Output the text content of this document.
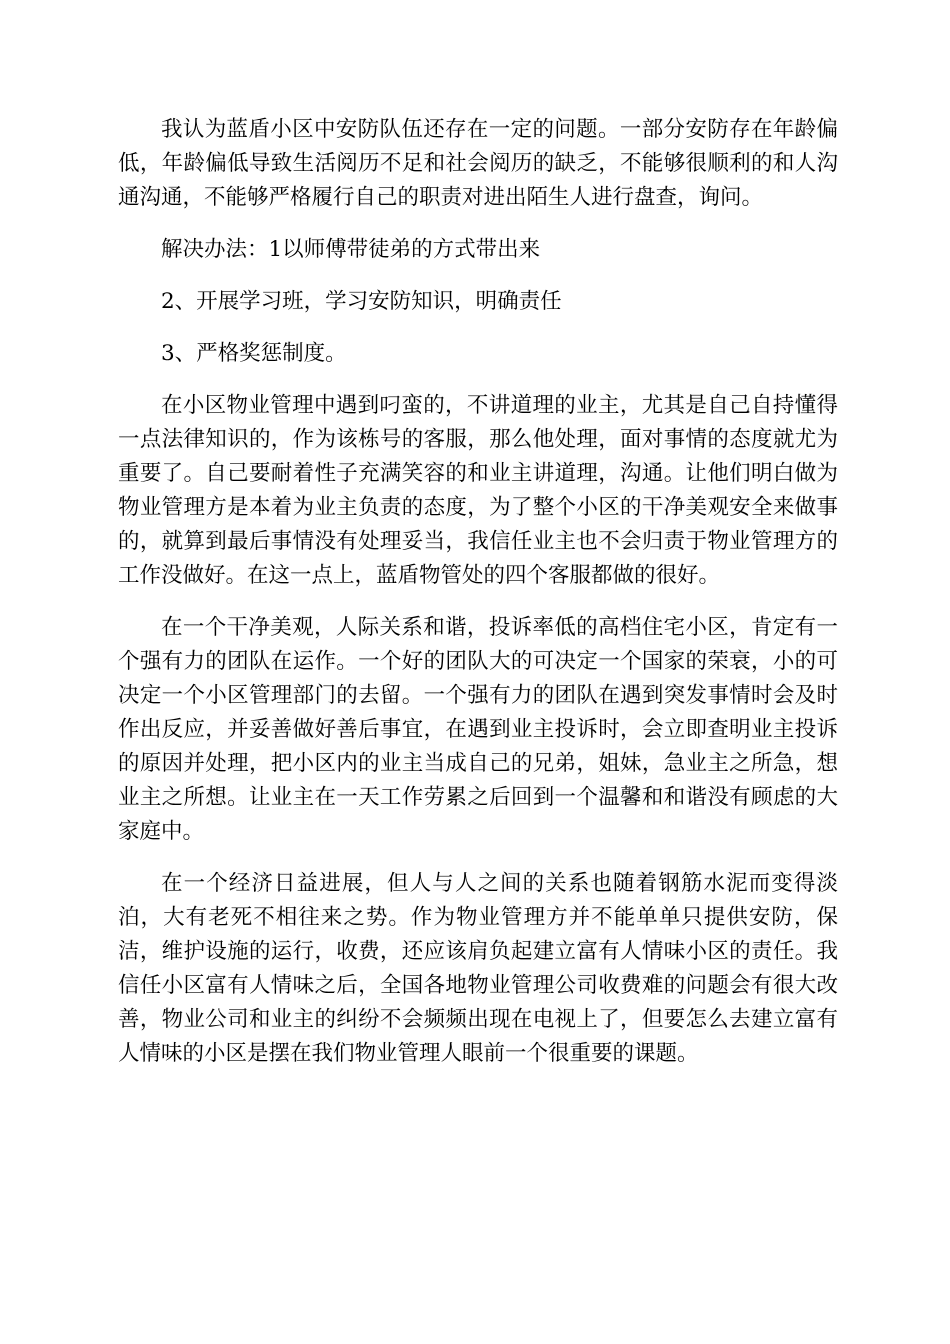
我认为蓝盾小区中安防队伍还存在一定的问题。一部分安防存在年龄偏低，年龄偏低导致生活阅历不足和社会阅历的缺乏，不能够很顺利的和人沟通沟通，不能够严格履行自己的职责对进出陌生人进行盘查，询问。

解决办法：1以师傅带徒弟的方式带出来

2、开展学习班，学习安防知识，明确责任

3、严格奖惩制度。

在小区物业管理中遇到叼蛮的，不讲道理的业主，尤其是自己自持懂得一点法律知识的，作为该栋号的客服，那么他处理，面对事情的态度就尤为重要了。自己要耐着性子充满笑容的和业主讲道理，沟通。让他们明白做为物业管理方是本着为业主负责的态度，为了整个小区的干净美观安全来做事的，就算到最后事情没有处理妥当，我信任业主也不会归责于物业管理方的工作没做好。在这一点上，蓝盾物管处的四个客服都做的很好。

在一个干净美观，人际关系和谐，投诉率低的高档住宅小区，肯定有一个强有力的团队在运作。一个好的团队大的可决定一个国家的荣衰，小的可决定一个小区管理部门的去留。一个强有力的团队在遇到突发事情时会及时作出反应，并妥善做好善后事宜，在遇到业主投诉时，会立即查明业主投诉的原因并处理，把小区内的业主当成自己的兄弟，姐妹，急业主之所急，想业主之所想。让业主在一天工作劳累之后回到一个温馨和和谐没有顾虑的大家庭中。

在一个经济日益进展，但人与人之间的关系也随着钢筋水泥而变得淡泊，大有老死不相往来之势。作为物业管理方并不能单单只提供安防，保洁，维护设施的运行，收费，还应该肩负起建立富有人情味小区的责任。我信任小区富有人情味之后，全国各地物业管理公司收费难的问题会有很大改善，物业公司和业主的纠纷不会频频出现在电视上了，但要怎么去建立富有人情味的小区是摆在我们物业管理人眼前一个很重要的课题。
